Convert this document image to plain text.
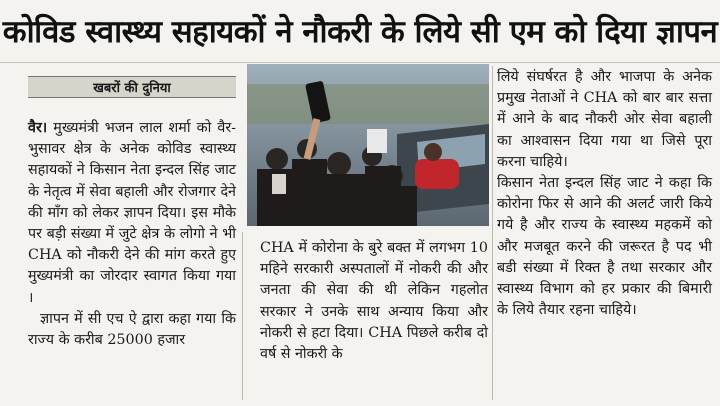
कोविड स्वास्थ्य सहायकों ने नौकरी के लिये सी एम को दिया ज्ञापन
खबरों की दुनिया

वैर। मुख्यमंत्री भजन लाल शर्मा को वैर-भुसावर क्षेत्र के अनेक कोविड स्वास्थ्य सहायकों ने किसान नेता इन्दल सिंह जाट के नेतृत्व में सेवा बहाली और रोजगार देने की माँग को लेकर ज्ञापन दिया। इस मौके पर बड़ी संख्या में जुटे क्षेत्र के लोगो ने भी CHA को नौकरी देने की मांग करते हुए मुख्यमंत्री का जोरदार स्वागत किया गया ।

ज्ञापन में सी एच ऐ द्वारा कहा गया कि राज्य के करीब 25000 हजार

CHA में कोरोना के बुरे बक्त में लगभग 10 महिने सरकारी अस्पतालों में नोकरी की और जनता की सेवा की थी लेकिन गहलोत सरकार ने उनके साथ अन्याय किया और नोकरी से हटा दिया। CHA पिछले करीब दो वर्ष से नोकरी के

लिये संघर्षरत है और भाजपा के अनेक प्रमुख नेताओं ने CHA को बार बार सत्ता में आने के बाद नौकरी ओर सेवा बहाली का आश्वासन दिया गया था जिसे पूरा करना चाहिये।

किसान नेता इन्दल सिंह जाट ने कहा कि कोरोना फिर से आने की अलर्ट जारी किये गये है और राज्य के स्वास्थ्य महकमें को और मजबूत करने की जरूरत है पद भी बडी संख्या में रिक्त है तथा सरकार और स्वास्थ्य विभाग को हर प्रकार की बिमारी के लिये तैयार रहना चाहिये।
